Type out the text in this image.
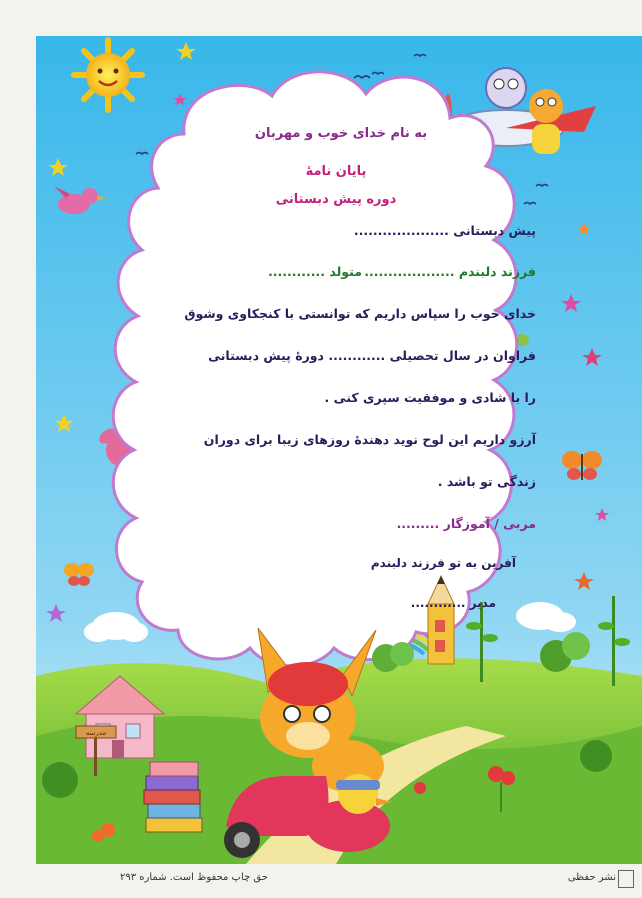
مدرسه
به نام خدای خوب و مهربان
پایان نامۀ
دوره پیش دبستانی
پیش دبستانی ....................
فرزند دلبندم ...................
متولد ............
خدای خوب را سپاس داریم که توانستی با کنجکاوی وشوق
فراوان در سال تحصیلی ............ دورۀ پیش دبستانی
را با شادی و موفقیت سپری کنی .
آرزو داریم این لوح نوید دهندۀ روزهای زیبا برای دوران
زندگی تو باشد .
مربی / آموزگار .........
آفرین به تو فرزند دلبندم
مدیر ............
حق چاپ محفوظ است. شماره ۲۹۳	نشر حفظی
